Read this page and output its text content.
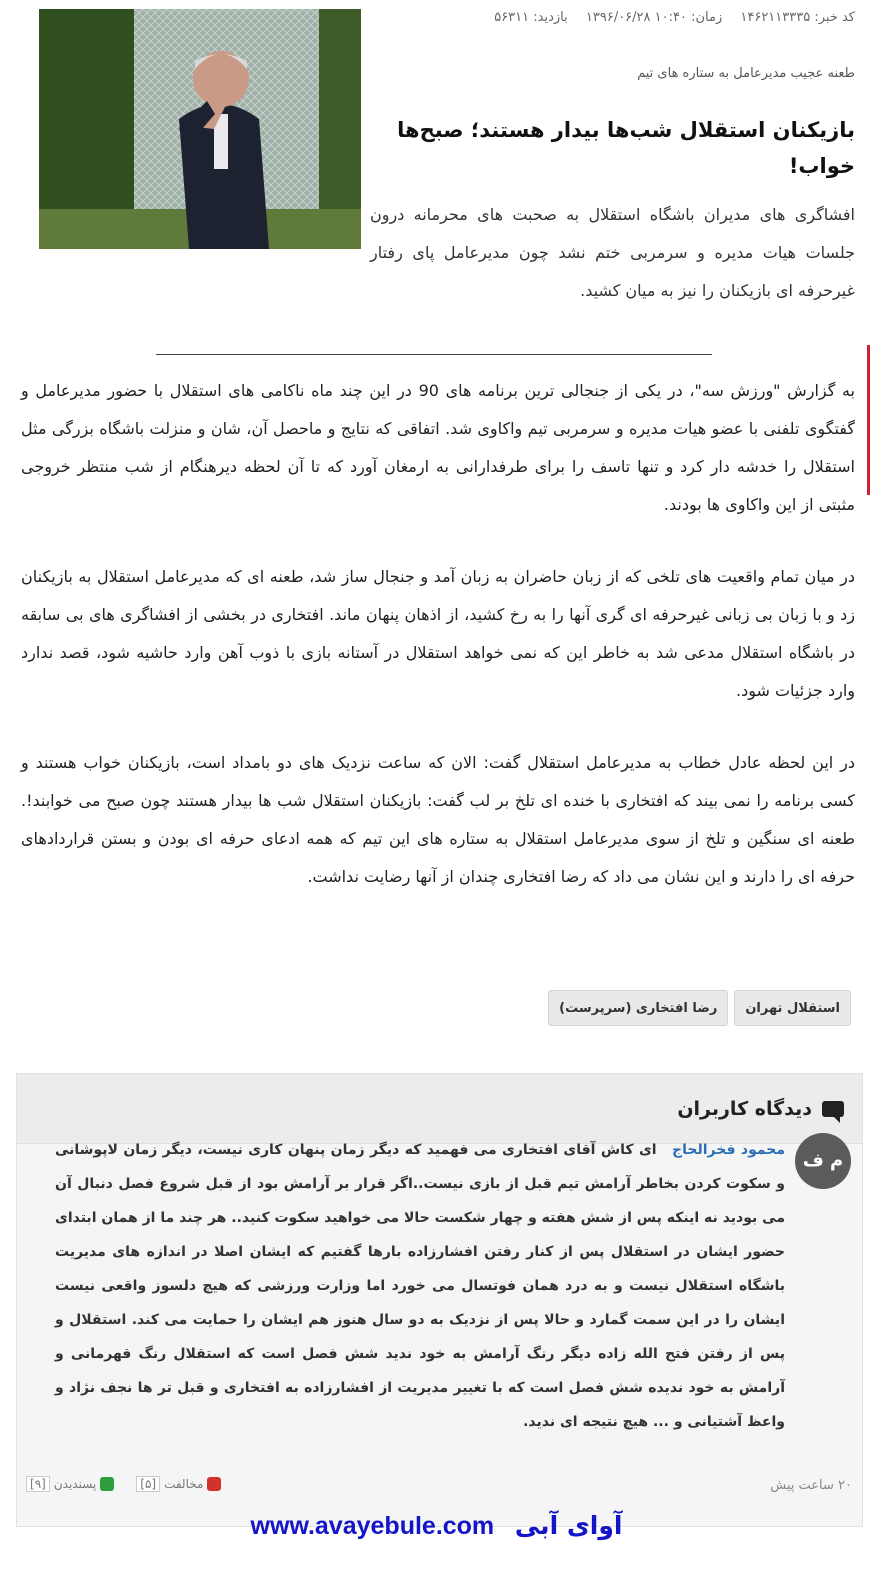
کد خبر: ۱۴۶۲۱۱۳۳۳۵ زمان: ۱۰:۴۰ ۱۳۹۶/۰۶/۲۸ بازدید: ۵۶۳۱۱
طعنه عجیب مدیرعامل به ستاره های تیم
بازیکنان استقلال شب‌ها بیدار هستند؛ صبح‌ها خواب!
افشاگری های مدیران باشگاه استقلال به صحبت های محرمانه درون جلسات هیات مدیره و سرمربی ختم نشد چون مدیرعامل پای رفتار غیرحرفه ای بازیکنان را نیز به میان کشید.

به گزارش "ورزش سه"، در یکی از جنجالی ترین برنامه های 90 در این چند ماه ناکامی های استقلال با حضور مدیرعامل و گفتگوی تلفنی با عضو هیات مدیره و سرمربی تیم واکاوی شد. اتفاقی که نتایج و ماحصل آن، شان و منزلت باشگاه بزرگی مثل استقلال را خدشه دار کرد و تنها تاسف را برای طرفدارانی به ارمغان آورد که تا آن لحظه دیرهنگام از شب منتظر خروجی مثبتی از این واکاوی ها بودند.

در میان تمام واقعیت های تلخی که از زبان حاضران به زبان آمد و جنجال ساز شد، طعنه ای که مدیرعامل استقلال به بازیکنان زد و با زبان بی زبانی غیرحرفه ای گری آنها را به رخ کشید، از اذهان پنهان ماند. افتخاری در بخشی از افشاگری های بی سابقه در باشگاه استقلال مدعی شد به خاطر این که نمی خواهد استقلال در آستانه بازی با ذوب آهن وارد حاشیه شود، قصد ندارد وارد جزئیات شود.

در این لحظه عادل خطاب به مدیرعامل استقلال گفت: الان که ساعت نزدیک های دو بامداد است، بازیکنان خواب هستند و کسی برنامه را نمی بیند که افتخاری با خنده ای تلخ بر لب گفت: بازیکنان استقلال شب ها بیدار هستند چون صبح می خوابند!. طعنه ای سنگین و تلخ از سوی مدیرعامل استقلال به ستاره های این تیم که همه ادعای حرفه ای بودن و بستن قراردادهای حرفه ای را دارند و این نشان می داد که رضا افتخاری چندان از آنها رضایت نداشت.

استقلال تهران
رضا افتخاری (سرپرست)
دیدگاه کاربران
م ف
محمود فخرالحاج ای کاش آقای افتخاری می فهمید که دیگر زمان پنهان کاری نیست، دیگر زمان لاپوشانی و سکوت کردن بخاطر آرامش تیم قبل از بازی نیست..اگر قرار بر آرامش بود از قبل شروع فصل دنبال آن می بودید نه اینکه پس از شش هفته و چهار شکست حالا می خواهید سکوت کنید.. هر چند ما از همان ابتدای حضور ایشان در استقلال پس از کنار رفتن افشارزاده بارها گفتیم که ایشان اصلا در اندازه های مدیریت باشگاه استقلال نیست و به درد همان فوتسال می خورد اما وزارت ورزشی که هیچ دلسوز واقعی نیست ایشان را در این سمت گمارد و حالا پس از نزدیک به دو سال هنوز هم ایشان را حمایت می کند. استقلال و پس از رفتن فتح الله زاده دیگر رنگ آرامش به خود ندید شش فصل است که استقلال رنگ قهرمانی و آرامش به خود ندیده شش فصل است که با تغییر مدیریت از افشارزاده به افتخاری و قبل تر ها نجف نژاد و واعظ آشتیانی و ... هیچ نتیجه ای ندید.
۲۰ ساعت پیش
مخالفت
[۵]
پسندیدن
[۹]
آوای آبی www.avayebule.com
